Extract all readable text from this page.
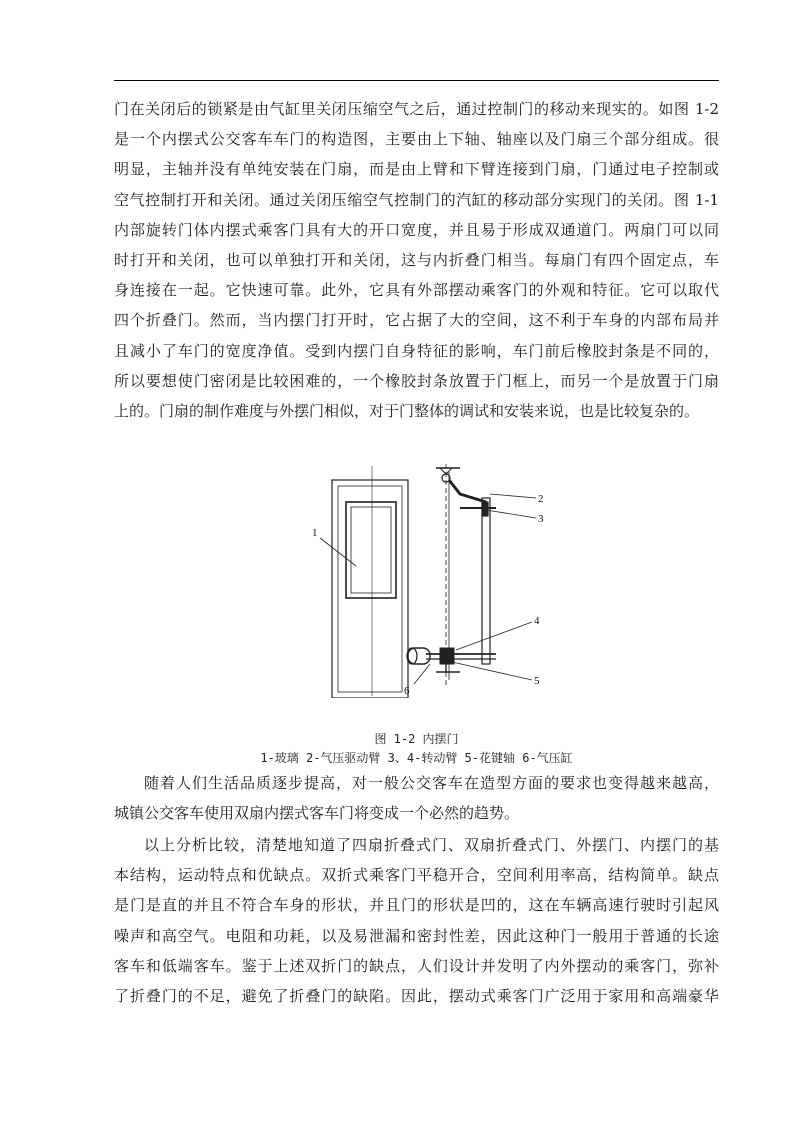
门在关闭后的锁紧是由气缸里关闭压缩空气之后，通过控制门的移动来现实的。如图 1-2
是一个内摆式公交客车车门的构造图，主要由上下轴、轴座以及门扇三个部分组成。很
明显，主轴并没有单纯安装在门扇，而是由上臂和下臂连接到门扇，门通过电子控制或
空气控制打开和关闭。通过关闭压缩空气控制门的汽缸的移动部分实现门的关闭。图 1-1
内部旋转门体内摆式乘客门具有大的开口宽度，并且易于形成双通道门。两扇门可以同
时打开和关闭，也可以单独打开和关闭，这与内折叠门相当。每扇门有四个固定点，车
身连接在一起。它快速可靠。此外，它具有外部摆动乘客门的外观和特征。它可以取代
四个折叠门。然而，当内摆门打开时，它占据了大的空间，这不利于车身的内部布局并
且减小了车门的宽度净值。受到内摆门自身特征的影响，车门前后橡胶封条是不同的，
所以要想使门密闭是比较困难的，一个橡胶封条放置于门框上，而另一个是放置于门扇
上的。门扇的制作难度与外摆门相似，对于门整体的调试和安装来说，也是比较复杂的。
1
2
3
4
5
6
图 1-2 内摆门
1-玻璃 2-气压驱动臂 3、4-转动臂 5-花键轴 6-气压缸
随着人们生活品质逐步提高，对一般公交客车在造型方面的要求也变得越来越高，
城镇公交客车使用双扇内摆式客车门将变成一个必然的趋势。
以上分析比较，清楚地知道了四扇折叠式门、双扇折叠式门、外摆门、内摆门的基
本结构，运动特点和优缺点。双折式乘客门平稳开合，空间利用率高，结构简单。缺点
是门是直的并且不符合车身的形状，并且门的形状是凹的，这在车辆高速行驶时引起风
噪声和高空气。电阻和功耗，以及易泄漏和密封性差，因此这种门一般用于普通的长途
客车和低端客车。鉴于上述双折门的缺点，人们设计并发明了内外摆动的乘客门，弥补
了折叠门的不足，避免了折叠门的缺陷。因此，摆动式乘客门广泛用于家用和高端豪华
